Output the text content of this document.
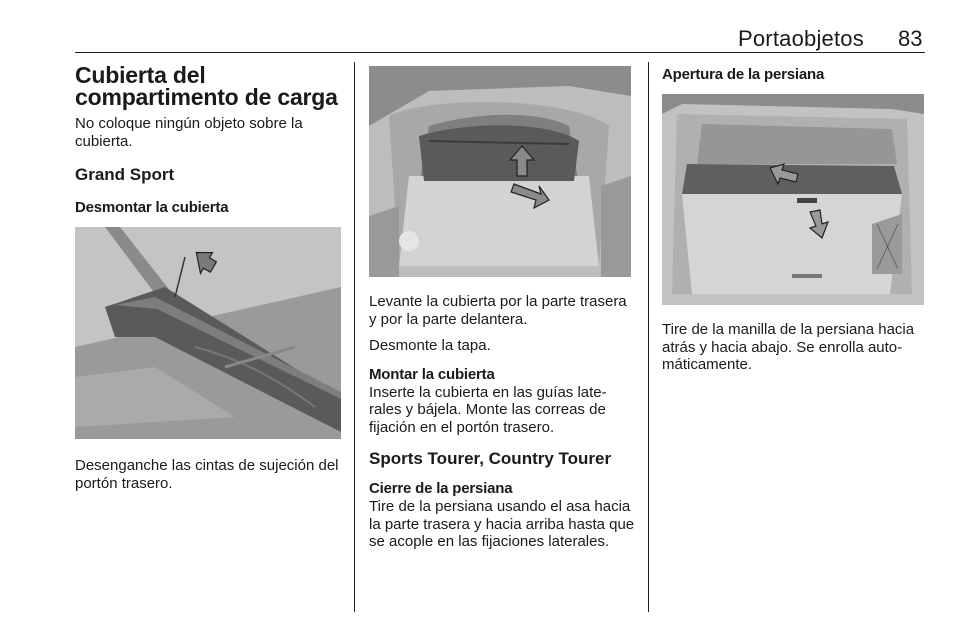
Portaobjetos 83
Cubierta del compartimento de carga

No coloque ningún objeto sobre la cubierta.

Grand Sport
Desmontar la cubierta

Desenganche las cintas de sujeción del portón trasero.

Levante la cubierta por la parte trasera y por la parte delantera.

Desmonte la tapa.

Montar la cubierta

Inserte la cubierta en las guías late-rales y bájela. Monte las correas de fijación en el portón trasero.

Sports Tourer, Country Tourer
Cierre de la persiana

Tire de la persiana usando el asa hacia la parte trasera y hacia arriba hasta que se acople en las fijaciones laterales.

Apertura de la persiana

Tire de la manilla de la persiana hacia atrás y hacia abajo. Se enrolla auto-máticamente.
